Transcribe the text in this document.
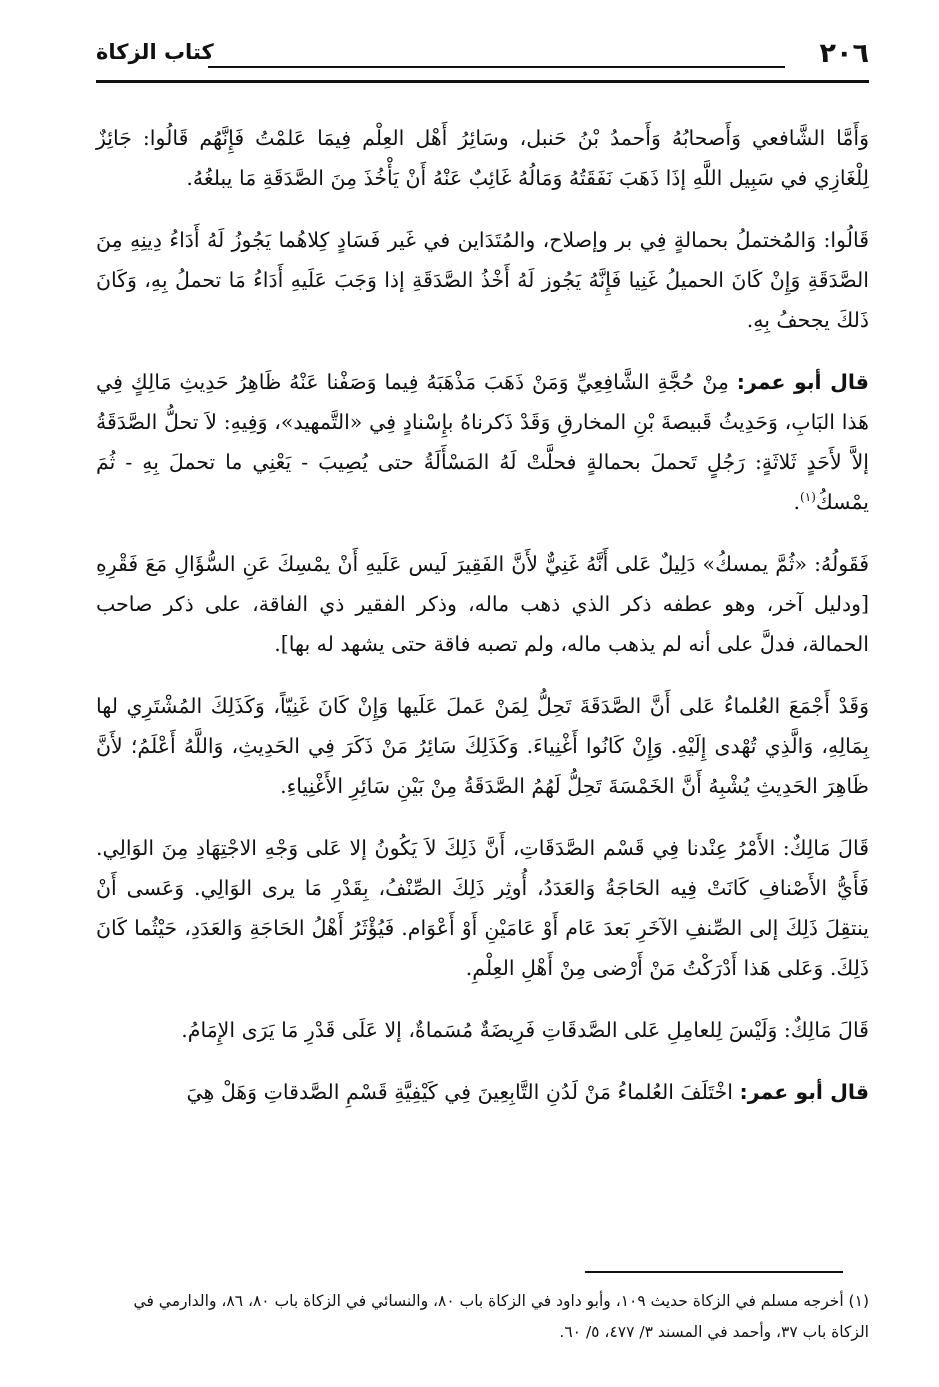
٢٠٦
كتاب الزكاة

وَأَمَّا الشَّافعي وَأَصحابُهُ وَأَحمدُ بْنُ حَنبل، وسَائِرُ أَهْل العِلْم فِيمَا عَلمْتُ فَإِنَّهُم قَالُوا: جَائِزٌ لِلْغَازِي في سَبِيل اللَّهِ إذَا ذَهَبَ نَفَقَتُهُ وَمَالُهُ غَائِبٌ عَنْهُ أَنْ يَأْخُذَ مِنَ الصَّدَقَةِ مَا يبلغُهُ.

قَالُوا: وَالمُختملُ بحمالةٍ فِي بر وإصلاح، والمُتَدَاين في غَير فَسَادٍ كِلاهُما يَجُوزُ لَهُ أَدَاءُ دِينِهِ مِنَ الصَّدَقَةِ وَإِنْ كَانَ الحميلُ غَنِيا فَإِنَّهُ يَجُوز لَهُ أَخْذُ الصَّدَقَةِ إذا وَجَبَ عَلَيهِ أَدَاءُ مَا تحملُ بِهِ، وَكَانَ ذَلكَ يجحفُ بِهِ.

قال أبو عمر: مِنْ حُجَّةِ الشَّافِعِيِّ وَمَنْ ذَهَبَ مَذْهَبَهُ فِيما وَصَفْنا عَنْهُ ظَاهِرُ حَدِيثِ مَالِكٍ فِي هَذا البَابِ، وَحَدِيثُ قَبيصةَ بْنِ المخارقِ وَقَدْ ذَكرناهُ بإِسْنادٍ فِي «التَّمهيد»، وَفِيهِ: لاَ تحلُّ الصَّدَقَةُ إلاَّ لأَحَدٍ ثَلاثَةٍ: رَجُلٍ تَحملَ بحمالةٍ فحلَّتْ لَهُ المَسْأَلَةُ حتى يُصِيبَ - يَعْنِي ما تحملَ بِهِ - ثُمَ يمْسكُ$^{(١)}$.

فَقَولُهُ: «ثُمَّ يمسكُ» دَلِيلٌ عَلى أَنَّهُ غَنِيٌّ لأَنَّ الفَقِيرَ لَيس عَلَيهِ أَنْ يمْسِكَ عَنِ السُّؤَالِ مَعَ فَقْرِهِ [ودليل آخر، وهو عطفه ذكر الذي ذهب ماله، وذكر الفقير ذي الفاقة، على ذكر صاحب الحمالة، فدلَّ على أنه لم يذهب ماله، ولم تصبه فاقة حتى يشهد له بها].

وَقَدْ أَجْمَعَ العُلماءُ عَلى أَنَّ الصَّدَقَةَ تَحِلُّ لِمَنْ عَملَ عَلَيها وَإِنْ كَانَ غَنِيّاً، وَكَذَلِكَ المُشْتَرِي لها بِمَالِهِ، وَالَّذِي تُهْدى إِلَيْهِ. وَإِنْ كَانُوا أَغْنِياءَ. وَكَذَلِكَ سَائِرُ مَنْ ذَكَرَ فِي الحَدِيثِ، وَاللَّهُ أَعْلَمُ؛ لأَنَّ ظَاهِرَ الحَدِيثِ يُشْبِهُ أَنَّ الخَمْسَةَ تَحِلُّ لَهُمُ الصَّدَقَةُ مِنْ بَيْنِ سَائِرِ الأَغْنِياءِ.

قَالَ مَالِكٌ: الأَمْرُ عِنْدنا فِي قَسْم الصَّدَقَاتِ، أَنَّ ذَلِكَ لاَ يَكُونُ إلا عَلى وَجْهِ الاجْتِهَادِ مِنَ الوَالِي. فَأَيُّ الأَصْنافِ كَانَتْ فِيه الحَاجَةُ وَالعَدَدُ، أُوثِر ذَلِكَ الصِّنْفُ، بِقَدْرِ مَا يرى الوَالِي. وَعَسى أَنْ ينتقِلَ ذَلِكَ إلى الصِّنفِ الآخَرِ بَعدَ عَام أَوْ عَامَيْنِ أَوْ أَعْوَام. فَيُؤْثَرُ أَهْلُ الحَاجَةِ وَالعَدَدِ، حَيْثُما كَانَ ذَلِكَ. وَعَلى هَذا أَدْرَكْتُ مَنْ أَرْضى مِنْ أَهْلِ العِلْمِ.

قَالَ مَالِكٌ: وَلَيْسَ لِلعامِلِ عَلى الصَّدقَاتِ فَرِيضَةٌ مُسَماةٌ، إلا عَلَى قَدْرِ مَا يَرَى الإِمَامُ.

قال أبو عمر: اخْتَلَفَ العُلماءُ مَنْ لَدُنِ التَّابِعِينَ فِي كَيْفِيَّةِ قَسْمِ الصَّدقاتِ وَهَلْ هِيَ

(١) أخرجه مسلم في الزكاة حديث ١٠٩، وأبو داود في الزكاة باب ٨٠، والنسائي في الزكاة باب ٨٠، ٨٦، والدارمي في الزكاة باب ٣٧، وأحمد في المسند ٣/ ٤٧٧، ٥/ ٦٠.
